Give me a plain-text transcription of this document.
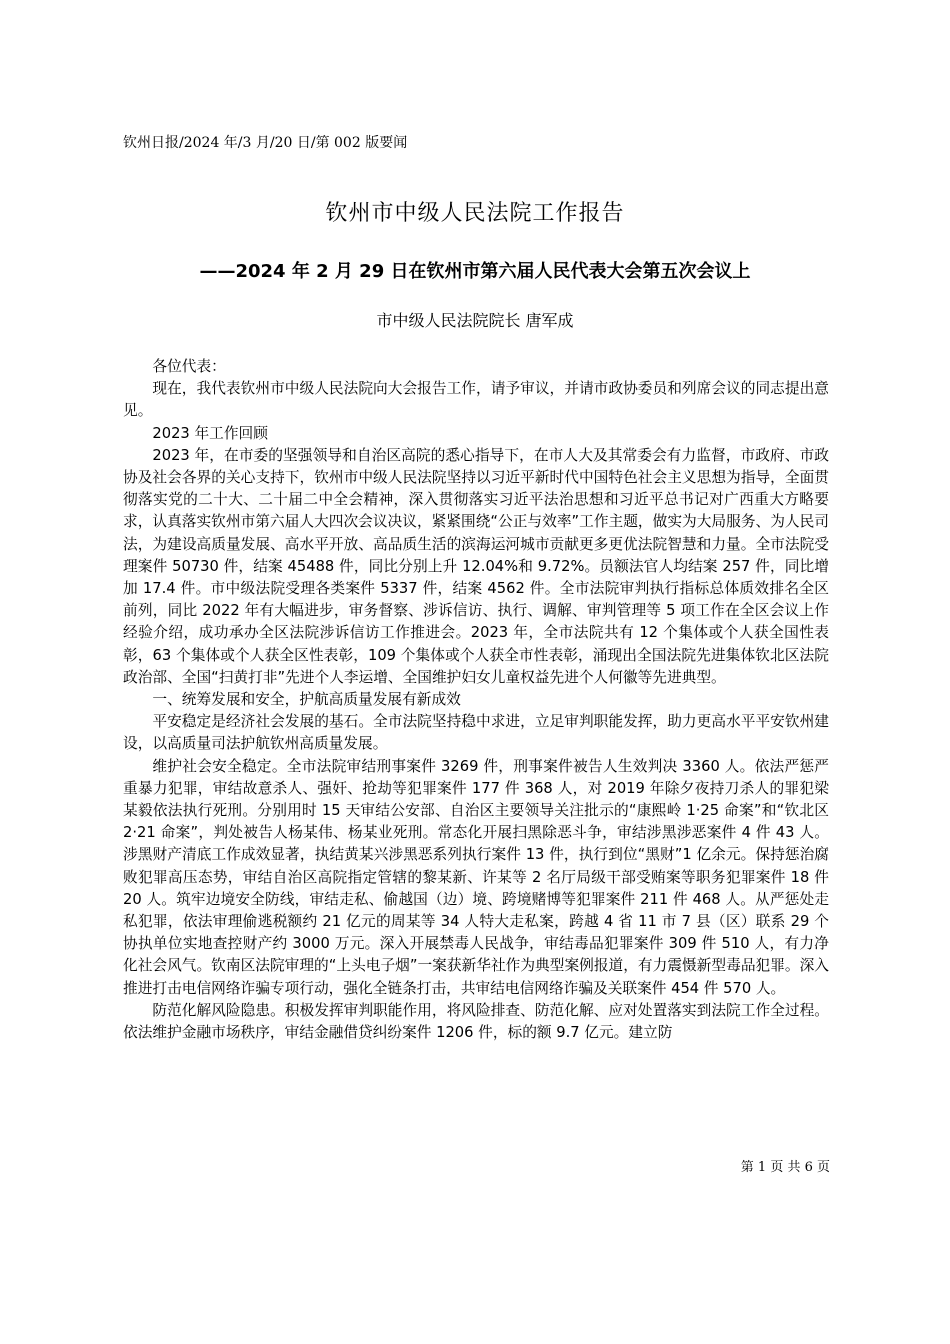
钦州日报/2024 年/3 月/20 日/第 002 版要闻
钦州市中级人民法院工作报告
——2024 年 2 月 29 日在钦州市第六届人民代表大会第五次会议上
市中级人民法院院长 唐军成

各位代表：

现在，我代表钦州市中级人民法院向大会报告工作，请予审议，并请市政协委员和列席会议的同志提出意见。

2023 年工作回顾

2023 年，在市委的坚强领导和自治区高院的悉心指导下，在市人大及其常委会有力监督，市政府、市政协及社会各界的关心支持下，钦州市中级人民法院坚持以习近平新时代中国特色社会主义思想为指导，全面贯彻落实党的二十大、二十届二中全会精神，深入贯彻落实习近平法治思想和习近平总书记对广西重大方略要求，认真落实钦州市第六届人大四次会议决议，紧紧围绕“公正与效率”工作主题，做实为大局服务、为人民司法，为建设高质量发展、高水平开放、高品质生活的滨海运河城市贡献更多更优法院智慧和力量。全市法院受理案件 50730 件，结案 45488 件，同比分别上升 12.04%和 9.72%。员额法官人均结案 257 件，同比增加 17.4 件。市中级法院受理各类案件 5337 件，结案 4562 件。全市法院审判执行指标总体质效排名全区前列，同比 2022 年有大幅进步，审务督察、涉诉信访、执行、调解、审判管理等 5 项工作在全区会议上作经验介绍，成功承办全区法院涉诉信访工作推进会。2023 年，全市法院共有 12 个集体或个人获全国性表彰，63 个集体或个人获全区性表彰，109 个集体或个人获全市性表彰，涌现出全国法院先进集体钦北区法院政治部、全国“扫黄打非”先进个人李运增、全国维护妇女儿童权益先进个人何徽等先进典型。

一、统筹发展和安全，护航高质量发展有新成效

平安稳定是经济社会发展的基石。全市法院坚持稳中求进，立足审判职能发挥，助力更高水平平安钦州建设，以高质量司法护航钦州高质量发展。

维护社会安全稳定。全市法院审结刑事案件 3269 件，刑事案件被告人生效判决 3360 人。依法严惩严重暴力犯罪，审结故意杀人、强奸、抢劫等犯罪案件 177 件 368 人，对 2019 年除夕夜持刀杀人的罪犯梁某毅依法执行死刑。分别用时 15 天审结公安部、自治区主要领导关注批示的“康熙岭 1·25 命案”和“钦北区 2·21 命案”，判处被告人杨某伟、杨某业死刑。常态化开展扫黑除恶斗争，审结涉黑涉恶案件 4 件 43 人。涉黑财产清底工作成效显著，执结黄某兴涉黑恶系列执行案件 13 件，执行到位“黑财”1 亿余元。保持惩治腐败犯罪高压态势，审结自治区高院指定管辖的黎某新、许某等 2 名厅局级干部受贿案等职务犯罪案件 18 件 20 人。筑牢边境安全防线，审结走私、偷越国（边）境、跨境赌博等犯罪案件 211 件 468 人。从严惩处走私犯罪，依法审理偷逃税额约 21 亿元的周某等 34 人特大走私案，跨越 4 省 11 市 7 县（区）联系 29 个协执单位实地查控财产约 3000 万元。深入开展禁毒人民战争，审结毒品犯罪案件 309 件 510 人，有力净化社会风气。钦南区法院审理的“上头电子烟”一案获新华社作为典型案例报道，有力震慑新型毒品犯罪。深入推进打击电信网络诈骗专项行动，强化全链条打击，共审结电信网络诈骗及关联案件 454 件 570 人。

防范化解风险隐患。积极发挥审判职能作用，将风险排查、防范化解、应对处置落实到法院工作全过程。依法维护金融市场秩序，审结金融借贷纠纷案件 1206 件，标的额 9.7 亿元。建立防

第 1 页 共 6 页
